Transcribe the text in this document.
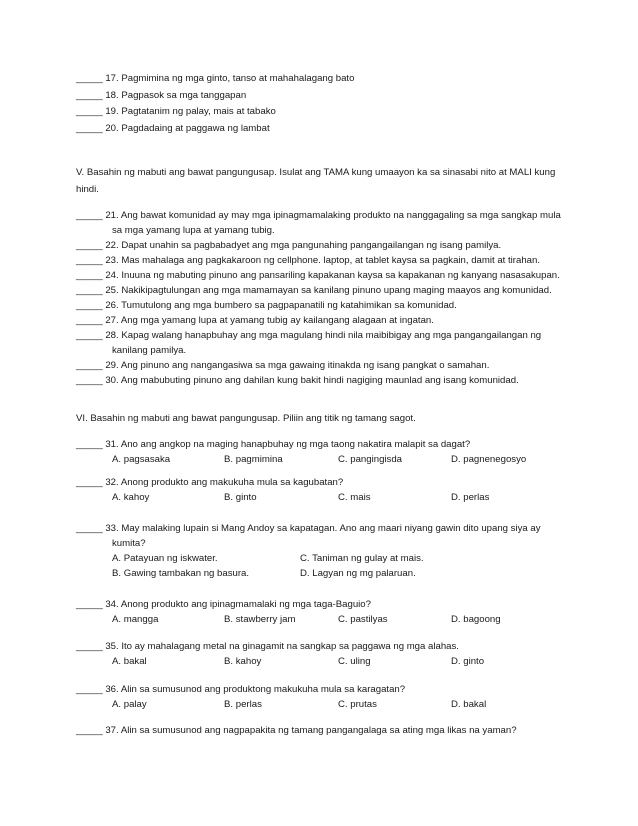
_____ 17. Pagmimina ng mga ginto, tanso at mahahalagang bato
_____ 18. Pagpasok sa mga tanggapan
_____ 19. Pagtatanim ng palay, mais at tabako
_____ 20. Pagdadaing at paggawa ng lambat
V. Basahin ng mabuti ang bawat pangungusap. Isulat ang TAMA kung umaayon ka sa sinasabi nito at MALI kung
hindi.
_____ 21. Ang bawat komunidad ay may mga ipinagmamalaking produkto na nanggagaling sa mga sangkap mula
sa mga yamang lupa at yamang tubig.
_____ 22. Dapat unahin sa pagbabadyet ang mga pangunahing pangangailangan ng isang pamilya.
_____ 23. Mas mahalaga ang pagkakaroon ng cellphone. laptop, at tablet kaysa sa pagkain, damit at tirahan.
_____ 24. Inuuna ng mabuting pinuno ang pansariling kapakanan kaysa sa kapakanan ng kanyang nasasakupan.
_____ 25. Nakikipagtulungan ang mga mamamayan sa kanilang pinuno upang maging maayos ang komunidad.
_____ 26. Tumutulong ang mga bumbero sa pagpapanatili ng katahimikan sa komunidad.
_____ 27. Ang mga yamang lupa at yamang tubig ay kailangang alagaan at ingatan.
_____ 28. Kapag walang hanapbuhay ang mga magulang hindi nila maibibigay ang mga pangangailangan ng
kanilang pamilya.
_____ 29. Ang pinuno ang nangangasiwa sa mga gawaing itinakda ng isang pangkat o samahan.
_____ 30. Ang mabubuting pinuno ang dahilan kung bakit hindi nagiging maunlad ang isang komunidad.
VI. Basahin ng mabuti ang bawat pangungusap. Piliin ang titik ng tamang sagot.
_____ 31. Ano ang angkop na maging hanapbuhay ng mga taong nakatira malapit sa dagat?
A. pagsasaka	B. pagmimina	C. pangingisda	D. pagnenegosyo
_____ 32. Anong produkto ang makukuha mula sa kagubatan?
A. kahoy	B. ginto	C. mais	D. perlas
_____ 33. May malaking lupain si Mang Andoy sa kapatagan. Ano ang maari niyang gawin dito upang siya ay
kumita?
A. Patayuan ng iskwater.	C. Taniman ng gulay at mais.
B. Gawing tambakan ng basura.	D. Lagyan ng mg palaruan.
_____ 34. Anong produkto ang ipinagmamalaki ng mga taga-Baguio?
A. mangga	B. stawberry jam	C. pastilyas	D. bagoong
_____ 35. Ito ay mahalagang metal na ginagamit na sangkap sa paggawa ng mga alahas.
A. bakal	B. kahoy	C. uling	D. ginto
_____ 36. Alin sa sumusunod ang produktong makukuha mula sa karagatan?
A. palay	B. perlas	C. prutas	D. bakal
_____ 37. Alin sa sumusunod ang nagpapakita ng tamang pangangalaga sa ating mga likas na yaman?
